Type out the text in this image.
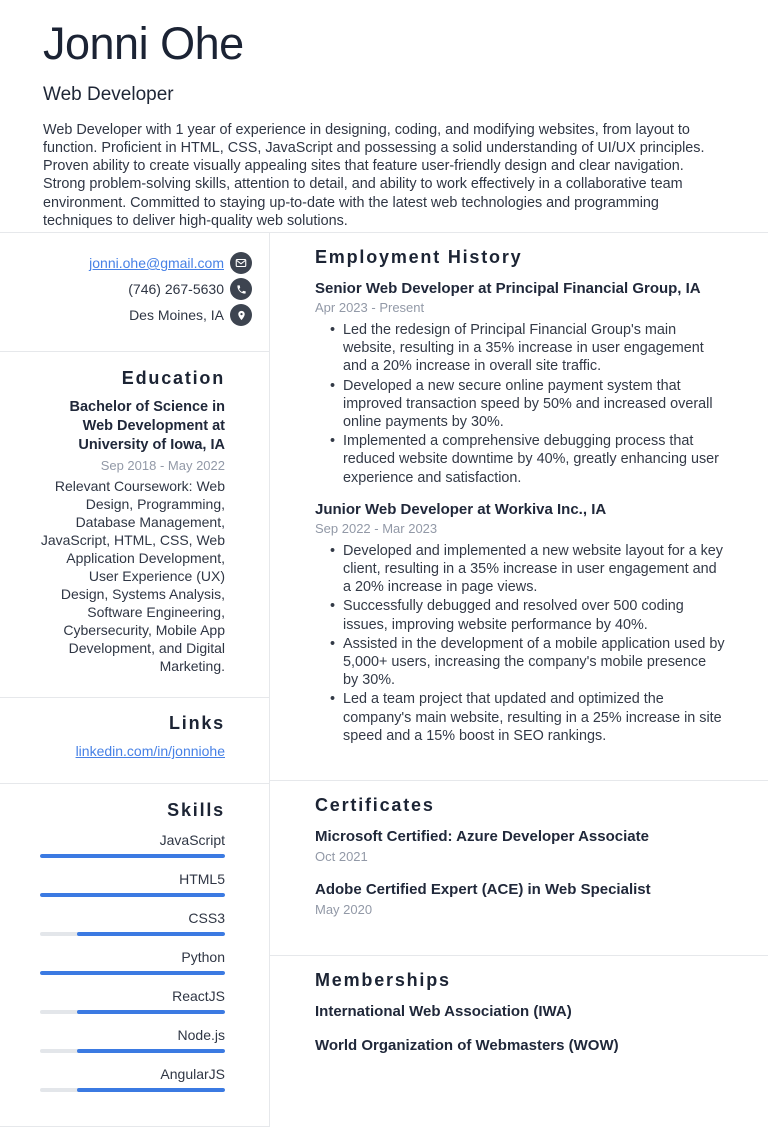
Jonni Ohe
Web Developer

Web Developer with 1 year of experience in designing, coding, and modifying websites, from layout to function. Proficient in HTML, CSS, JavaScript and possessing a solid understanding of UI/UX principles. Proven ability to create visually appealing sites that feature user-friendly design and clear navigation. Strong problem-solving skills, attention to detail, and ability to work effectively in a collaborative team environment. Committed to staying up-to-date with the latest web technologies and programming techniques to deliver high-quality web solutions.

jonni.ohe@gmail.com
(746) 267-5630
Des Moines, IA
Education
Bachelor of Science in Web Development at University of Iowa, IA
Sep 2018 - May 2022
Relevant Coursework: Web Design, Programming, Database Management, JavaScript, HTML, CSS, Web Application Development, User Experience (UX) Design, Systems Analysis, Software Engineering, Cybersecurity, Mobile App Development, and Digital Marketing.
Links
linkedin.com/in/jonniohe
Skills
JavaScript
HTML5
CSS3
Python
ReactJS
Node.js
AngularJS
Employment History
Senior Web Developer at Principal Financial Group, IA
Apr 2023 - Present
• Led the redesign of Principal Financial Group's main website, resulting in a 35% increase in user engagement and a 20% increase in overall site traffic.
• Developed a new secure online payment system that improved transaction speed by 50% and increased overall online payments by 30%.
• Implemented a comprehensive debugging process that reduced website downtime by 40%, greatly enhancing user experience and satisfaction.
Junior Web Developer at Workiva Inc., IA
Sep 2022 - Mar 2023
• Developed and implemented a new website layout for a key client, resulting in a 35% increase in user engagement and a 20% increase in page views.
• Successfully debugged and resolved over 500 coding issues, improving website performance by 40%.
• Assisted in the development of a mobile application used by 5,000+ users, increasing the company's mobile presence by 30%.
• Led a team project that updated and optimized the company's main website, resulting in a 25% increase in site speed and a 15% boost in SEO rankings.
Certificates
Microsoft Certified: Azure Developer Associate
Oct 2021
Adobe Certified Expert (ACE) in Web Specialist
May 2020
Memberships
International Web Association (IWA)
World Organization of Webmasters (WOW)
